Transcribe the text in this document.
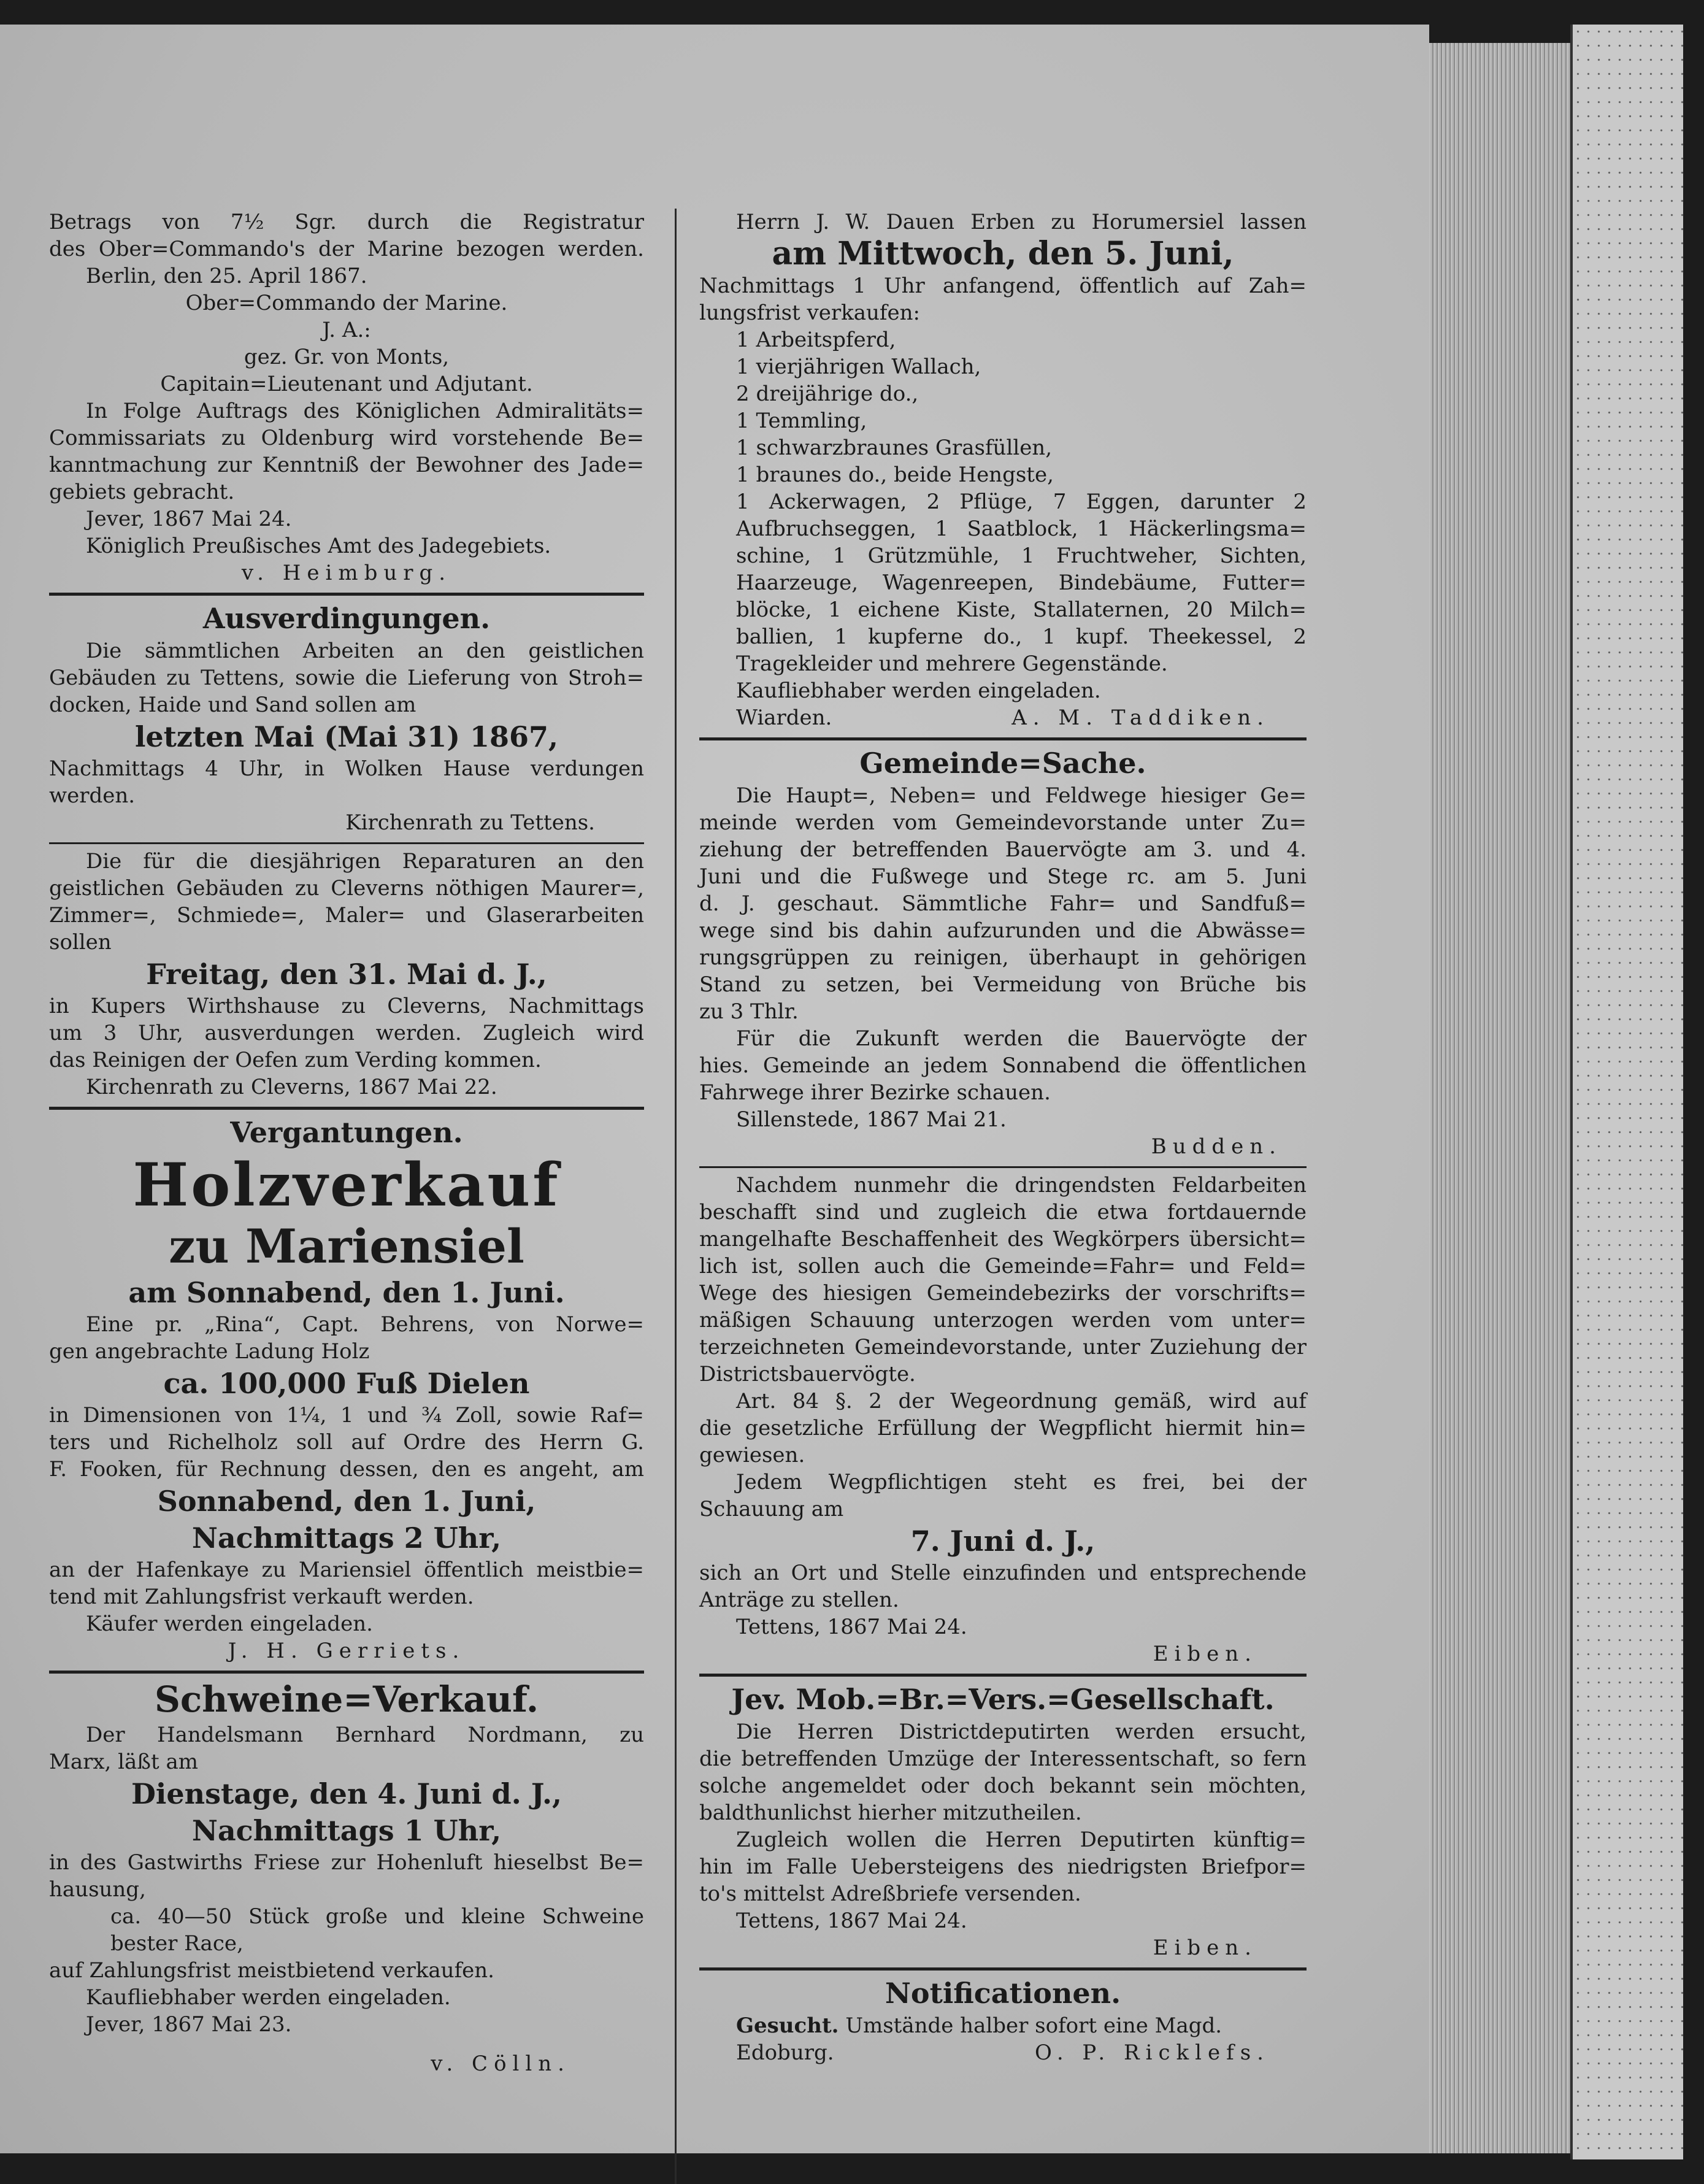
Betrags von 7½ Sgr. durch die Registratur

des Ober=Commando's der Marine bezogen werden.

Berlin, den 25. April 1867.

Ober=Commando der Marine.

J. A.:

gez. Gr. von Monts,

Capitain=Lieutenant und Adjutant.

In Folge Auftrags des Königlichen Admiralitäts=

Commissariats zu Oldenburg wird vorstehende Be=

kanntmachung zur Kenntniß der Bewohner des Jade=

gebiets gebracht.

Jever, 1867 Mai 24.

Königlich Preußisches Amt des Jadegebiets.

v. Heimburg.

Ausverdingungen.

Die sämmtlichen Arbeiten an den geistlichen

Gebäuden zu Tettens, sowie die Lieferung von Stroh=

docken, Haide und Sand sollen am

letzten Mai (Mai 31) 1867,

Nachmittags 4 Uhr, in Wolken Hause verdungen

werden.

Kirchenrath zu Tettens.

Die für die diesjährigen Reparaturen an den

geistlichen Gebäuden zu Cleverns nöthigen Maurer=,

Zimmer=, Schmiede=, Maler= und Glaserarbeiten sollen

Freitag, den 31. Mai d. J.,

in Kupers Wirthshause zu Cleverns, Nachmittags

um 3 Uhr, ausverdungen werden. Zugleich wird

das Reinigen der Oefen zum Verding kommen.

Kirchenrath zu Cleverns, 1867 Mai 22.

Vergantungen.

Holzverkauf

zu Mariensiel

am Sonnabend, den 1. Juni.

Eine pr. „Rina“, Capt. Behrens, von Norwe=

gen angebrachte Ladung Holz

ca. 100,000 Fuß Dielen

in Dimensionen von 1¼, 1 und ¾ Zoll, sowie Raf=

ters und Richelholz soll auf Ordre des Herrn G.

F. Fooken, für Rechnung dessen, den es angeht, am

Sonnabend, den 1. Juni,

Nachmittags 2 Uhr,

an der Hafenkaye zu Mariensiel öffentlich meistbie=

tend mit Zahlungsfrist verkauft werden.

Käufer werden eingeladen.

J. H. Gerriets.

Schweine=Verkauf.

Der Handelsmann Bernhard Nordmann, zu

Marx, läßt am

Dienstage, den 4. Juni d. J.,

Nachmittags 1 Uhr,

in des Gastwirths Friese zur Hohenluft hieselbst Be=

hausung,

ca. 40—50 Stück große und kleine Schweine

bester Race,

auf Zahlungsfrist meistbietend verkaufen.

Kaufliebhaber werden eingeladen.

Jever, 1867 Mai 23.

v. Cölln.

Herrn J. W. Dauen Erben zu Horumersiel lassen

am Mittwoch, den 5. Juni,

Nachmittags 1 Uhr anfangend, öffentlich auf Zah=

lungsfrist verkaufen:

1 Arbeitspferd,

1 vierjährigen Wallach,

2 dreijährige do.,

1 Temmling,

1 schwarzbraunes Grasfüllen,

1 braunes do., beide Hengste,

1 Ackerwagen, 2 Pflüge, 7 Eggen, darunter 2

Aufbruchseggen, 1 Saatblock, 1 Häckerlingsma=

schine, 1 Grützmühle, 1 Fruchtweher, Sichten,

Haarzeuge, Wagenreepen, Bindebäume, Futter=

blöcke, 1 eichene Kiste, Stallaternen, 20 Milch=

ballien, 1 kupferne do., 1 kupf. Theekessel, 2

Tragekleider und mehrere Gegenstände.

Kaufliebhaber werden eingeladen.

Wiarden.	A. M. Taddiken.

Gemeinde=Sache.

Die Haupt=, Neben= und Feldwege hiesiger Ge=

meinde werden vom Gemeindevorstande unter Zu=

ziehung der betreffenden Bauervögte am 3. und 4.

Juni und die Fußwege und Stege rc. am 5. Juni

d. J. geschaut. Sämmtliche Fahr= und Sandfuß=

wege sind bis dahin aufzurunden und die Abwässe=

rungsgrüppen zu reinigen, überhaupt in gehörigen

Stand zu setzen, bei Vermeidung von Brüche bis

zu 3 Thlr.

Für die Zukunft werden die Bauervögte der

hies. Gemeinde an jedem Sonnabend die öffentlichen

Fahrwege ihrer Bezirke schauen.

Sillenstede, 1867 Mai 21.

Budden.

Nachdem nunmehr die dringendsten Feldarbeiten

beschafft sind und zugleich die etwa fortdauernde

mangelhafte Beschaffenheit des Wegkörpers übersicht=

lich ist, sollen auch die Gemeinde=Fahr= und Feld=

Wege des hiesigen Gemeindebezirks der vorschrifts=

mäßigen Schauung unterzogen werden vom unter=

terzeichneten Gemeindevorstande, unter Zuziehung der

Districtsbauervögte.

Art. 84 §. 2 der Wegeordnung gemäß, wird auf

die gesetzliche Erfüllung der Wegpflicht hiermit hin=

gewiesen.

Jedem Wegpflichtigen steht es frei, bei der

Schauung am

7. Juni d. J.,

sich an Ort und Stelle einzufinden und entsprechende

Anträge zu stellen.

Tettens, 1867 Mai 24.

Eiben.

Jev. Mob.=Br.=Vers.=Gesellschaft.

Die Herren Districtdeputirten werden ersucht,

die betreffenden Umzüge der Interessentschaft, so fern

solche angemeldet oder doch bekannt sein möchten,

baldthunlichst hierher mitzutheilen.

Zugleich wollen die Herren Deputirten künftig=

hin im Falle Uebersteigens des niedrigsten Briefpor=

to's mittelst Adreßbriefe versenden.

Tettens, 1867 Mai 24.

Eiben.

Notificationen.

Gesucht. Umstände halber sofort eine Magd.

Edoburg.	O. P. Ricklefs.
